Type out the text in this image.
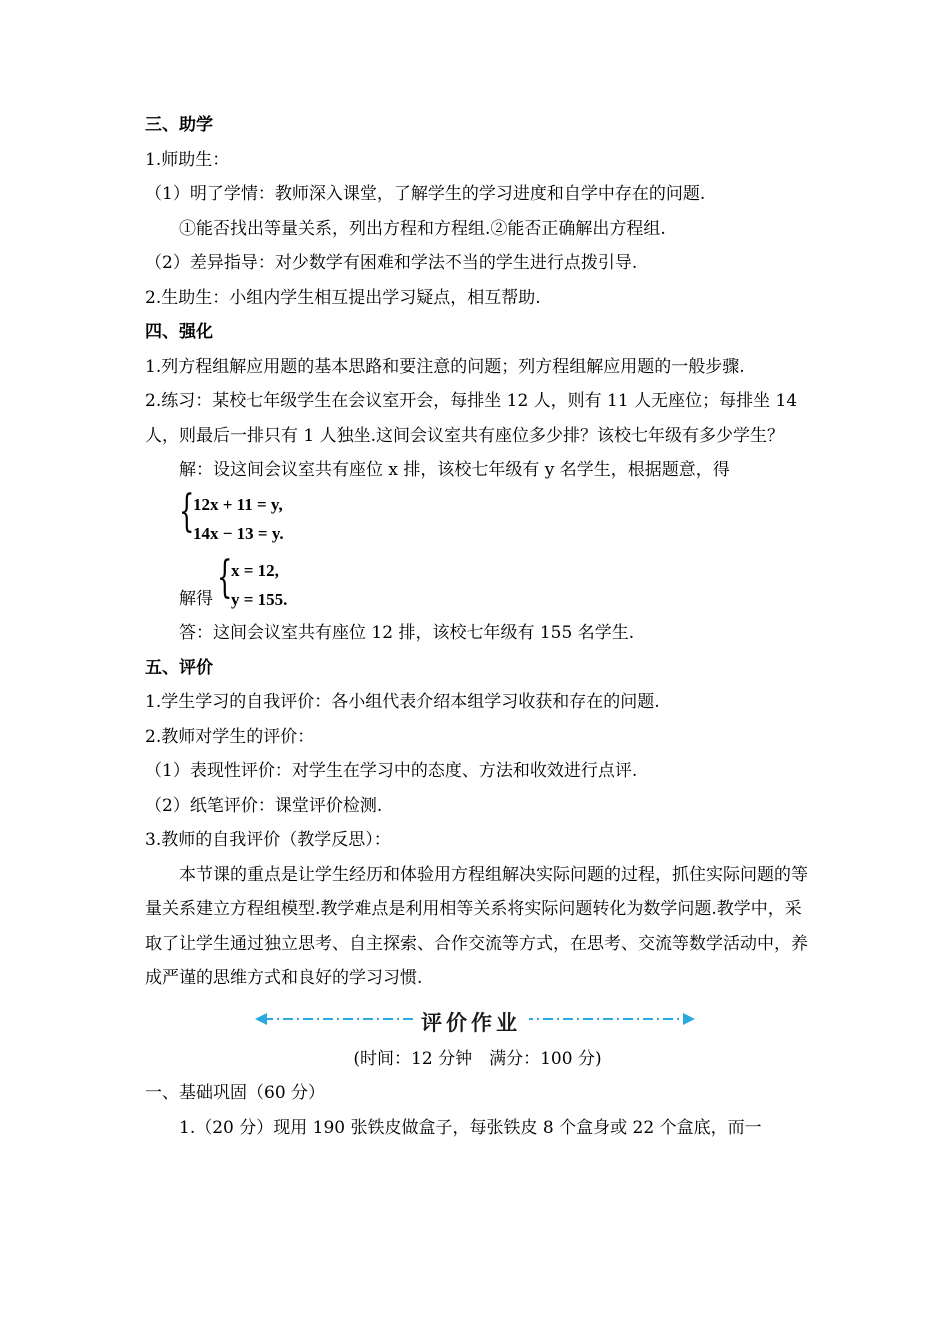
三、助学
1.师助生：
（1）明了学情：教师深入课堂，了解学生的学习进度和自学中存在的问题.
①能否找出等量关系，列出方程和方程组.②能否正确解出方程组.
（2）差异指导：对少数学有困难和学法不当的学生进行点拨引导.
2.生助生：小组内学生相互提出学习疑点，相互帮助.
四、强化
1.列方程组解应用题的基本思路和要注意的问题；列方程组解应用题的一般步骤.
2.练习：某校七年级学生在会议室开会，每排坐 12 人，则有 11 人无座位；每排坐 14 人，则最后一排只有 1 人独坐.这间会议室共有座位多少排？该校七年级有多少学生？
解：设这间会议室共有座位 x 排，该校七年级有 y 名学生，根据题意，得
{
12x + 11 = y,
14x − 13 = y.
解得 {
x = 12,
y = 155.
答：这间会议室共有座位 12 排，该校七年级有 155 名学生.
五、评价
1.学生学习的自我评价：各小组代表介绍本组学习收获和存在的问题.
2.教师对学生的评价：
（1）表现性评价：对学生在学习中的态度、方法和收效进行点评.
（2）纸笔评价：课堂评价检测.
3.教师的自我评价（教学反思）：
本节课的重点是让学生经历和体验用方程组解决实际问题的过程，抓住实际问题的等量关系建立方程组模型.教学难点是利用相等关系将实际问题转化为数学问题.教学中，采取了让学生通过独立思考、自主探索、合作交流等方式，在思考、交流等数学活动中，养成严谨的思维方式和良好的学习习惯.
评价作业
(时间：12 分钟　满分：100 分)
一、基础巩固（60 分）
1.（20 分）现用 190 张铁皮做盒子，每张铁皮 8 个盒身或 22 个盒底，而一
